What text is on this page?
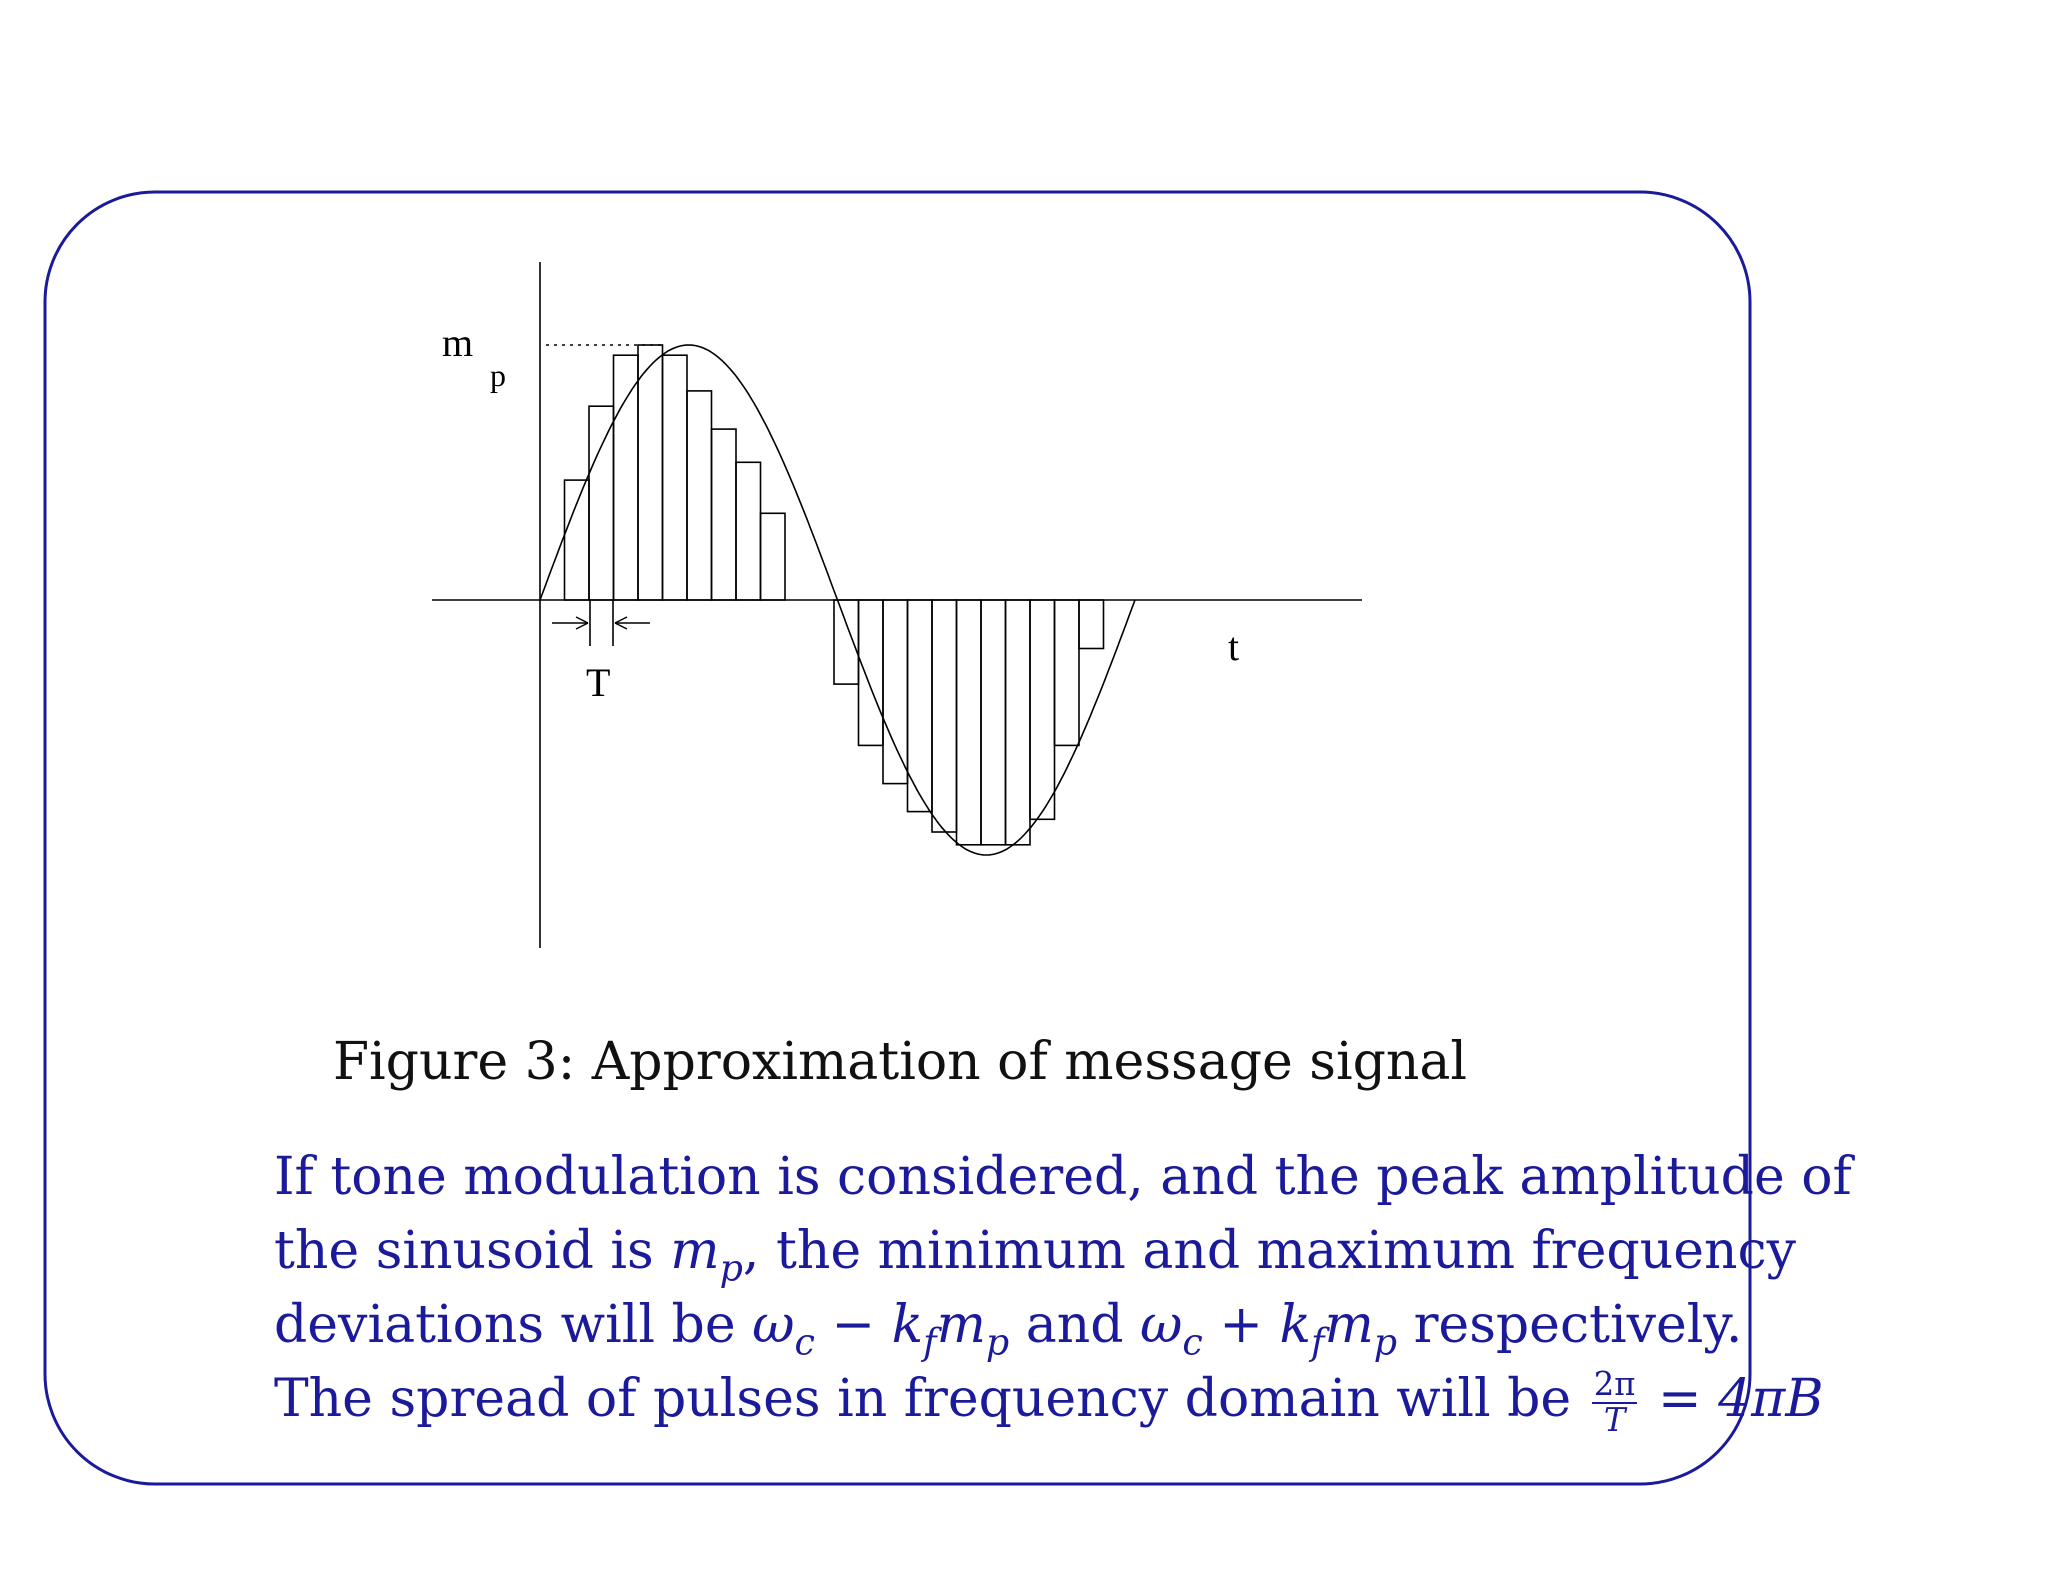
m
p
t
T
Figure 3: Approximation of message signal
If tone modulation is considered, and the peak amplitude of
the sinusoid is $m_p$, the minimum and maximum frequency
deviations will be $\omega_c - k_fm_p$ and $\omega_c + k_fm_p$ respectively.
The spread of pulses in frequency domain will be $\frac{2\pi}{T} = 4\pi B$
